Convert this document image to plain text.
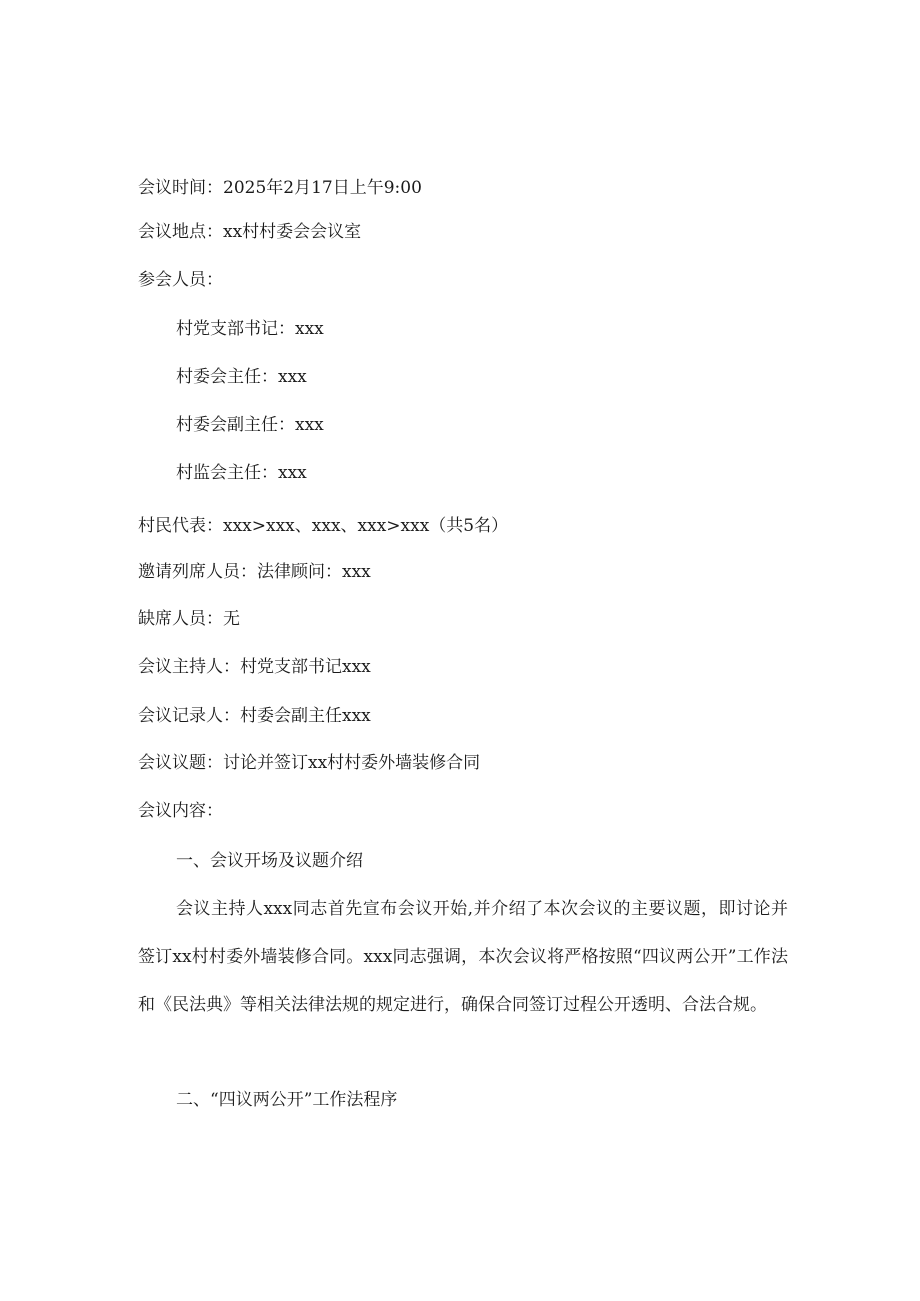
会议时间：2025年2月17日上午9:00
会议地点：xx村村委会会议室
参会人员：
村党支部书记：xxx
村委会主任：xxx
村委会副主任：xxx
村监会主任：xxx
村民代表：xxx>xxx、xxx、xxx>xxx（共5名）
邀请列席人员：法律顾问：xxx
缺席人员：无
会议主持人：村党支部书记xxx
会议记录人：村委会副主任xxx
会议议题：讨论并签订xx村村委外墙装修合同
会议内容：
一、会议开场及议题介绍

会议主持人xxx同志首先宣布会议开始,并介绍了本次会议的主要议题，即讨论并签订xx村村委外墙装修合同。xxx同志强调，本次会议将严格按照“四议两公开”工作法和《民法典》等相关法律法规的规定进行，确保合同签订过程公开透明、合法合规。

二、“四议两公开”工作法程序
